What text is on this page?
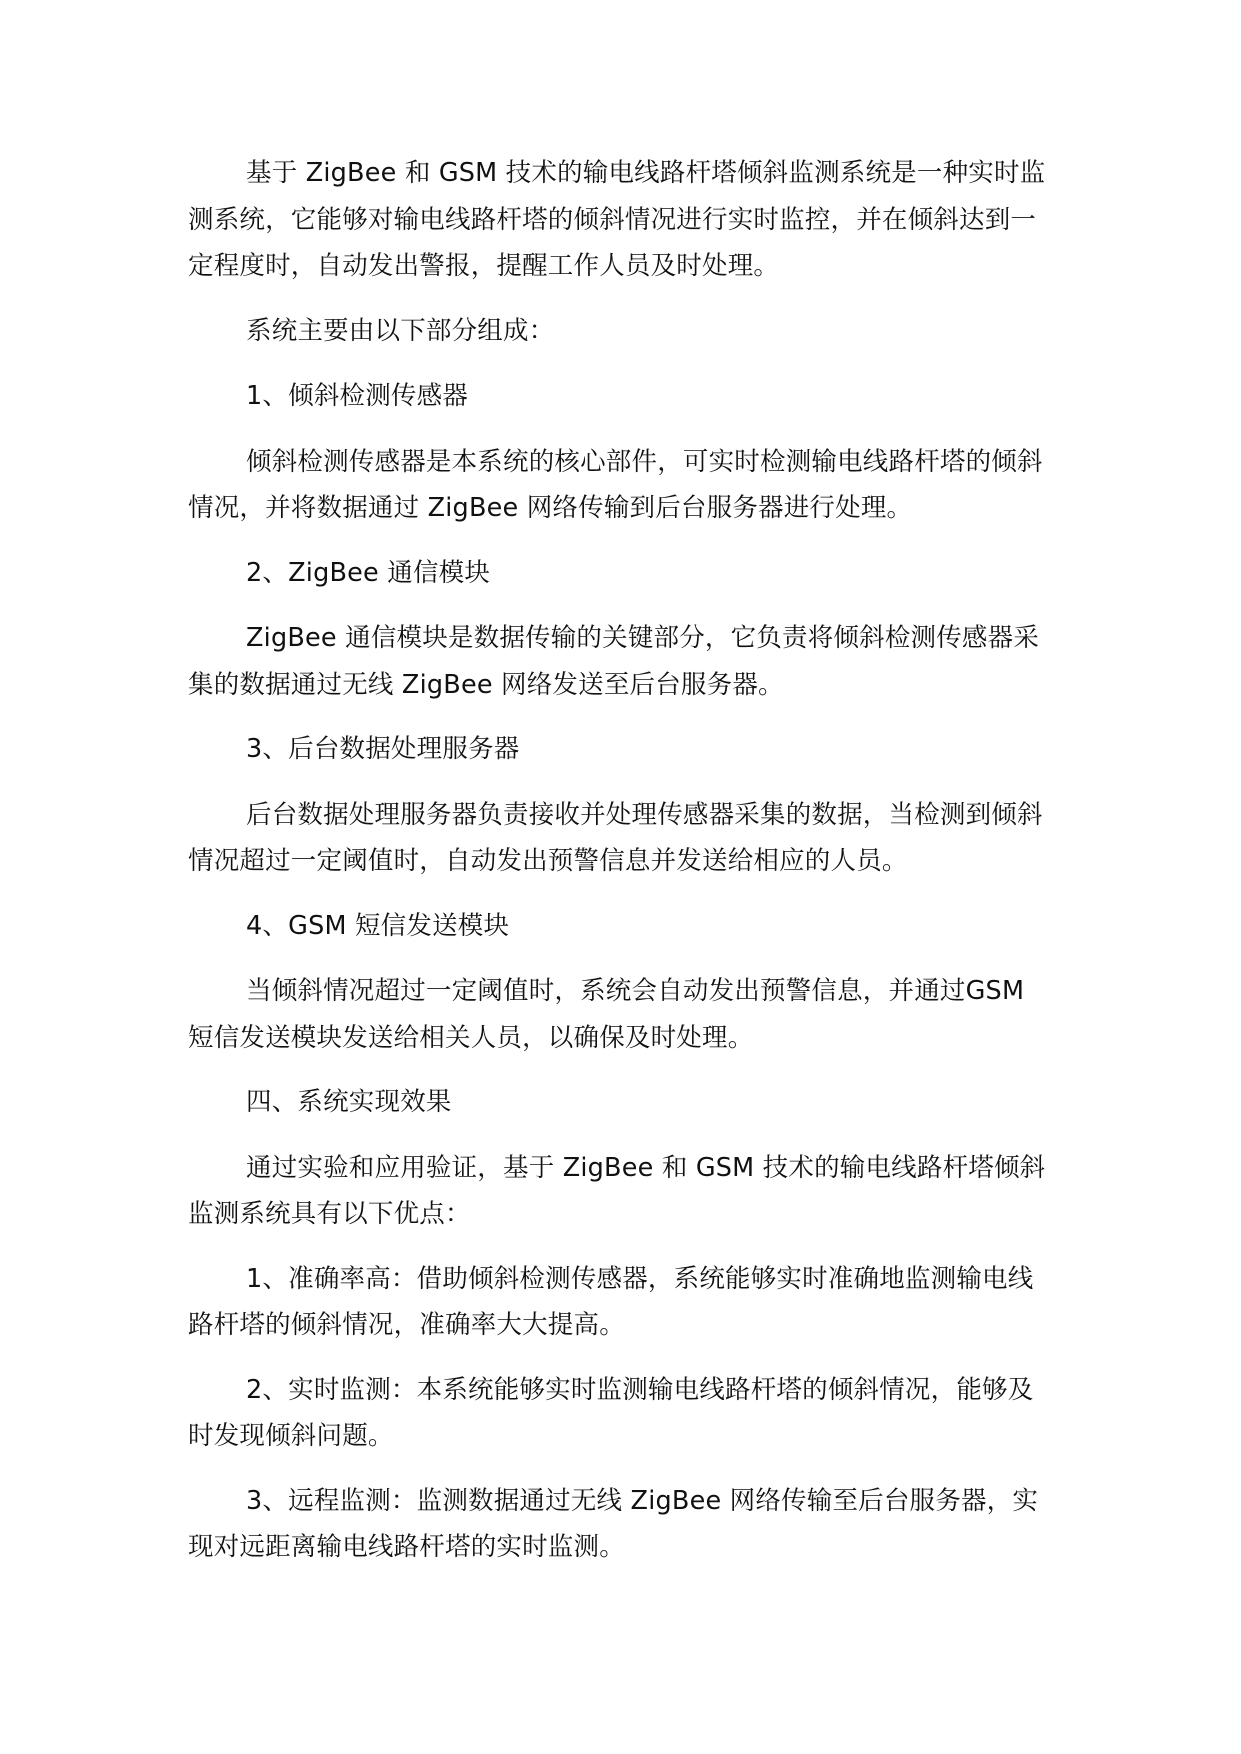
基于 ZigBee 和 GSM 技术的输电线路杆塔倾斜监测系统是一种实时监测系统，它能够对输电线路杆塔的倾斜情况进行实时监控，并在倾斜达到一定程度时，自动发出警报，提醒工作人员及时处理。

系统主要由以下部分组成：

1、倾斜检测传感器

倾斜检测传感器是本系统的核心部件，可实时检测输电线路杆塔的倾斜情况，并将数据通过 ZigBee 网络传输到后台服务器进行处理。

2、ZigBee 通信模块

ZigBee 通信模块是数据传输的关键部分，它负责将倾斜检测传感器采集的数据通过无线 ZigBee 网络发送至后台服务器。

3、后台数据处理服务器

后台数据处理服务器负责接收并处理传感器采集的数据，当检测到倾斜情况超过一定阈值时，自动发出预警信息并发送给相应的人员。

4、GSM 短信发送模块

当倾斜情况超过一定阈值时，系统会自动发出预警信息，并通过GSM 短信发送模块发送给相关人员，以确保及时处理。

四、系统实现效果

通过实验和应用验证，基于 ZigBee 和 GSM 技术的输电线路杆塔倾斜监测系统具有以下优点：

1、准确率高：借助倾斜检测传感器，系统能够实时准确地监测输电线路杆塔的倾斜情况，准确率大大提高。

2、实时监测：本系统能够实时监测输电线路杆塔的倾斜情况，能够及时发现倾斜问题。

3、远程监测：监测数据通过无线 ZigBee 网络传输至后台服务器，实现对远距离输电线路杆塔的实时监测。
